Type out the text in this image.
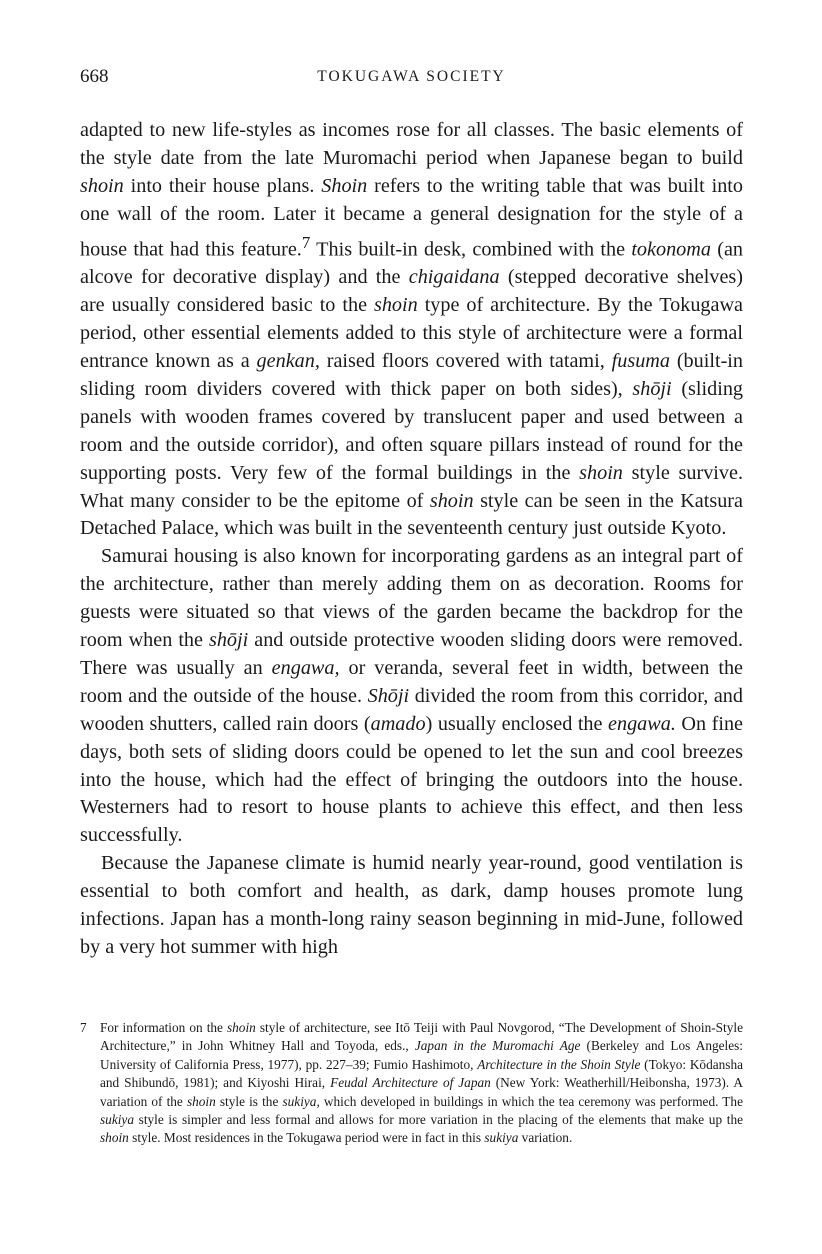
668	TOKUGAWA SOCIETY

adapted to new life-styles as incomes rose for all classes. The basic elements of the style date from the late Muromachi period when Japanese began to build shoin into their house plans. Shoin refers to the writing table that was built into one wall of the room. Later it became a general designation for the style of a house that had this feature.$^7$ This built-in desk, combined with the tokonoma (an alcove for decorative display) and the chigaidana (stepped decorative shelves) are usually considered basic to the shoin type of architecture. By the Tokugawa period, other essential elements added to this style of architecture were a formal entrance known as a genkan, raised floors covered with tatami, fusuma (built-in sliding room dividers covered with thick paper on both sides), shōji (sliding panels with wooden frames covered by translucent paper and used between a room and the outside corridor), and often square pillars instead of round for the supporting posts. Very few of the formal buildings in the shoin style survive. What many consider to be the epitome of shoin style can be seen in the Katsura Detached Palace, which was built in the seventeenth century just outside Kyoto.

Samurai housing is also known for incorporating gardens as an integral part of the architecture, rather than merely adding them on as decoration. Rooms for guests were situated so that views of the garden became the backdrop for the room when the shōji and outside protective wooden sliding doors were removed. There was usually an engawa, or veranda, several feet in width, between the room and the outside of the house. Shōji divided the room from this corridor, and wooden shutters, called rain doors (amado) usually enclosed the engawa. On fine days, both sets of sliding doors could be opened to let the sun and cool breezes into the house, which had the effect of bringing the outdoors into the house. Westerners had to resort to house plants to achieve this effect, and then less successfully.

Because the Japanese climate is humid nearly year-round, good ventilation is essential to both comfort and health, as dark, damp houses promote lung infections. Japan has a month-long rainy season beginning in mid-June, followed by a very hot summer with high

7 For information on the shoin style of architecture, see Itō Teiji with Paul Novgorod, “The Development of Shoin-Style Architecture,” in John Whitney Hall and Toyoda, eds., Japan in the Muromachi Age (Berkeley and Los Angeles: University of California Press, 1977), pp. 227–39; Fumio Hashimoto, Architecture in the Shoin Style (Tokyo: Kōdansha and Shibundō, 1981); and Kiyoshi Hirai, Feudal Architecture of Japan (New York: Weatherhill/Heibonsha, 1973). A variation of the shoin style is the sukiya, which developed in buildings in which the tea ceremony was performed. The sukiya style is simpler and less formal and allows for more variation in the placing of the elements that make up the shoin style. Most residences in the Tokugawa period were in fact in this sukiya variation.
